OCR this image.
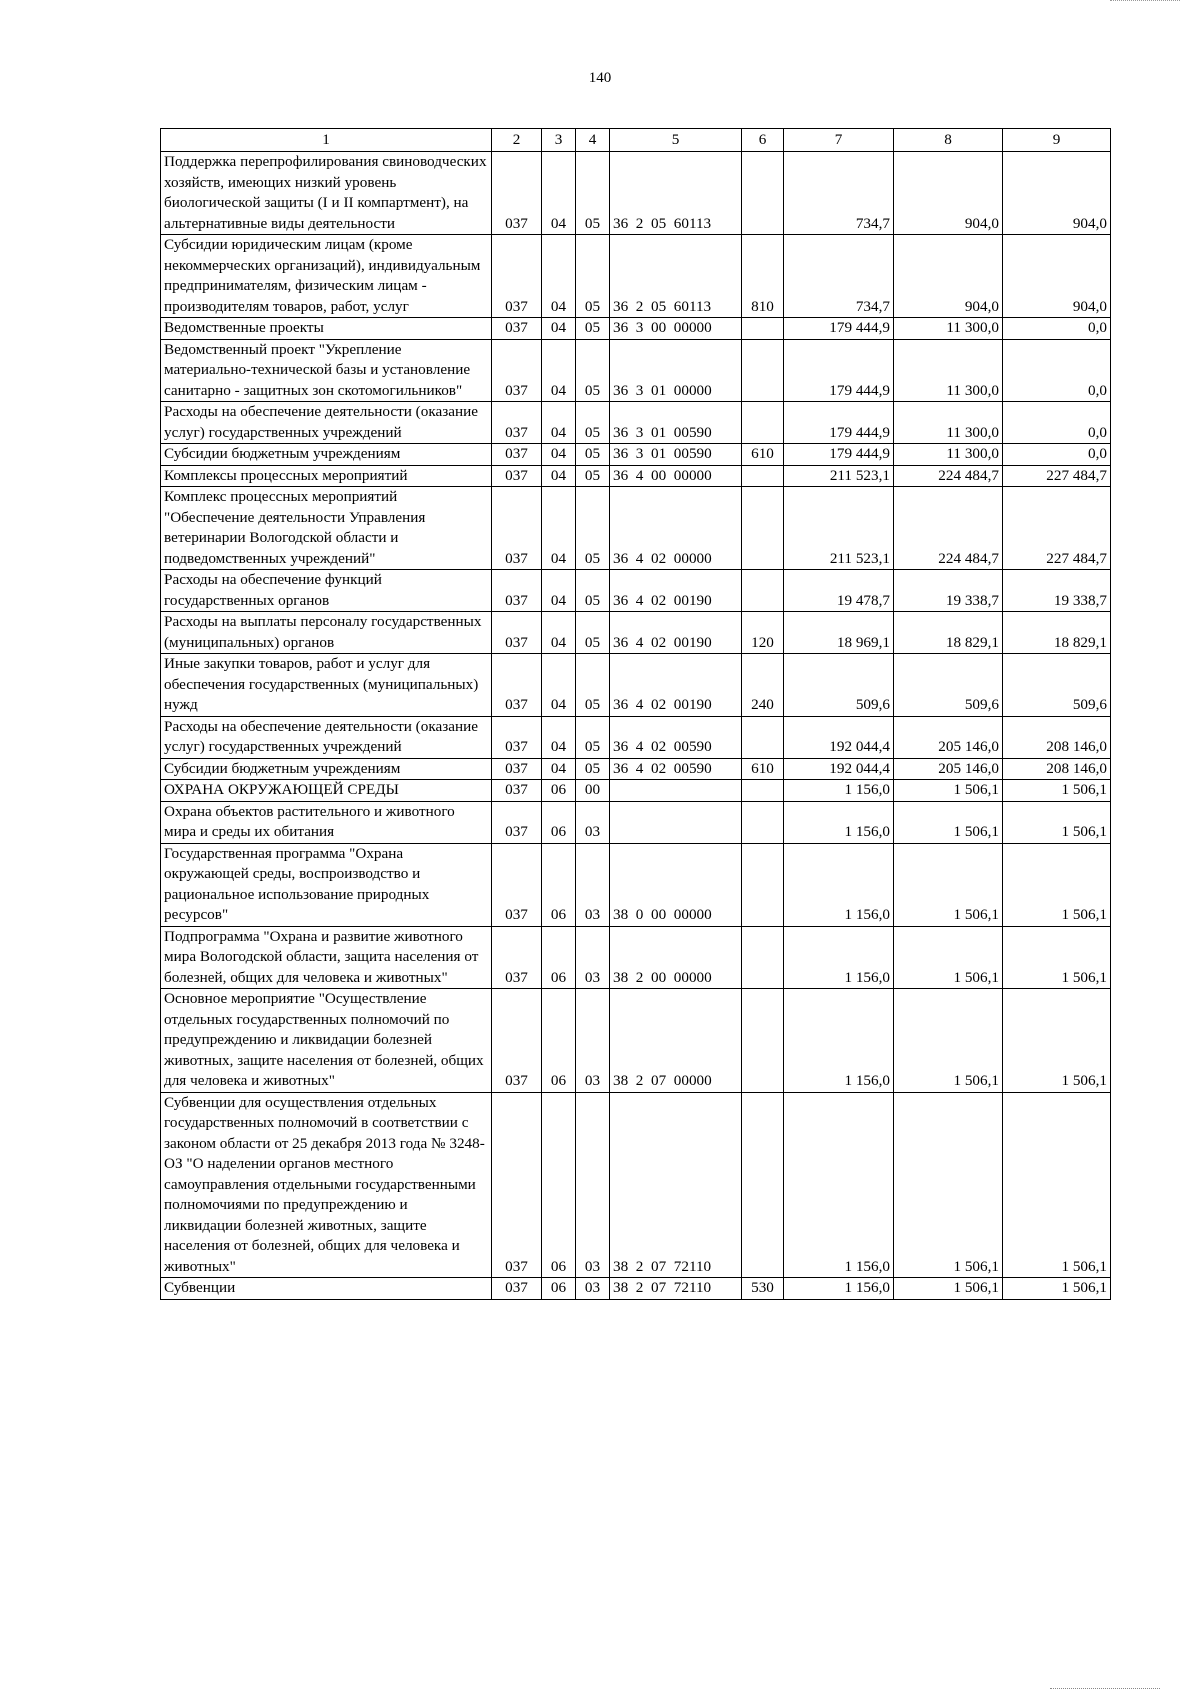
140
1	2	3	4	5	6	7	8	9
Поддержка перепрофилирования свиноводческих хозяйств, имеющих низкий уровень биологической защиты (I и II компартмент), на альтернативные виды деятельности	037	04	05	36  2  05  60113		734,7	904,0	904,0
Субсидии юридическим лицам (кроме некоммерческих организаций), индивидуальным предпринимателям, физическим лицам - производителям товаров, работ, услуг	037	04	05	36  2  05  60113	810	734,7	904,0	904,0
Ведомственные проекты	037	04	05	36  3  00  00000		179 444,9	11 300,0	0,0
Ведомственный проект "Укрепление материально-технической базы и установление санитарно - защитных зон скотомогильников"	037	04	05	36  3  01  00000		179 444,9	11 300,0	0,0
Расходы на обеспечение деятельности (оказание услуг) государственных учреждений	037	04	05	36  3  01  00590		179 444,9	11 300,0	0,0
Субсидии бюджетным учреждениям	037	04	05	36  3  01  00590	610	179 444,9	11 300,0	0,0
Комплексы процессных мероприятий	037	04	05	36  4  00  00000		211 523,1	224 484,7	227 484,7
Комплекс процессных мероприятий "Обеспечение деятельности Управления ветеринарии Вологодской области и подведомственных учреждений"	037	04	05	36  4  02  00000		211 523,1	224 484,7	227 484,7
Расходы на обеспечение функций государственных органов	037	04	05	36  4  02  00190		19 478,7	19 338,7	19 338,7
Расходы на выплаты персоналу государственных (муниципальных) органов	037	04	05	36  4  02  00190	120	18 969,1	18 829,1	18 829,1
Иные закупки товаров, работ и услуг для обеспечения государственных (муниципальных) нужд	037	04	05	36  4  02  00190	240	509,6	509,6	509,6
Расходы на обеспечение деятельности (оказание услуг) государственных учреждений	037	04	05	36  4  02  00590		192 044,4	205 146,0	208 146,0
Субсидии бюджетным учреждениям	037	04	05	36  4  02  00590	610	192 044,4	205 146,0	208 146,0
ОХРАНА ОКРУЖАЮЩЕЙ СРЕДЫ	037	06	00			1 156,0	1 506,1	1 506,1
Охрана объектов растительного и животного мира и среды их обитания	037	06	03			1 156,0	1 506,1	1 506,1
Государственная программа "Охрана окружающей среды, воспроизводство и рациональное использование природных ресурсов"	037	06	03	38  0  00  00000		1 156,0	1 506,1	1 506,1
Подпрограмма "Охрана и развитие животного мира Вологодской области, защита населения от болезней, общих для человека и животных"	037	06	03	38  2  00  00000		1 156,0	1 506,1	1 506,1
Основное мероприятие "Осуществление отдельных государственных полномочий по предупреждению и ликвидации болезней животных, защите населения от болезней, общих для человека и животных"	037	06	03	38  2  07  00000		1 156,0	1 506,1	1 506,1
Субвенции для осуществления отдельных государственных полномочий в соответствии с законом области от 25 декабря 2013 года № 3248-ОЗ "О наделении органов местного самоуправления отдельными государственными полномочиями по предупреждению и ликвидации болезней животных, защите населения от болезней, общих для человека и животных"	037	06	03	38  2  07  72110		1 156,0	1 506,1	1 506,1
Субвенции	037	06	03	38  2  07  72110	530	1 156,0	1 506,1	1 506,1
